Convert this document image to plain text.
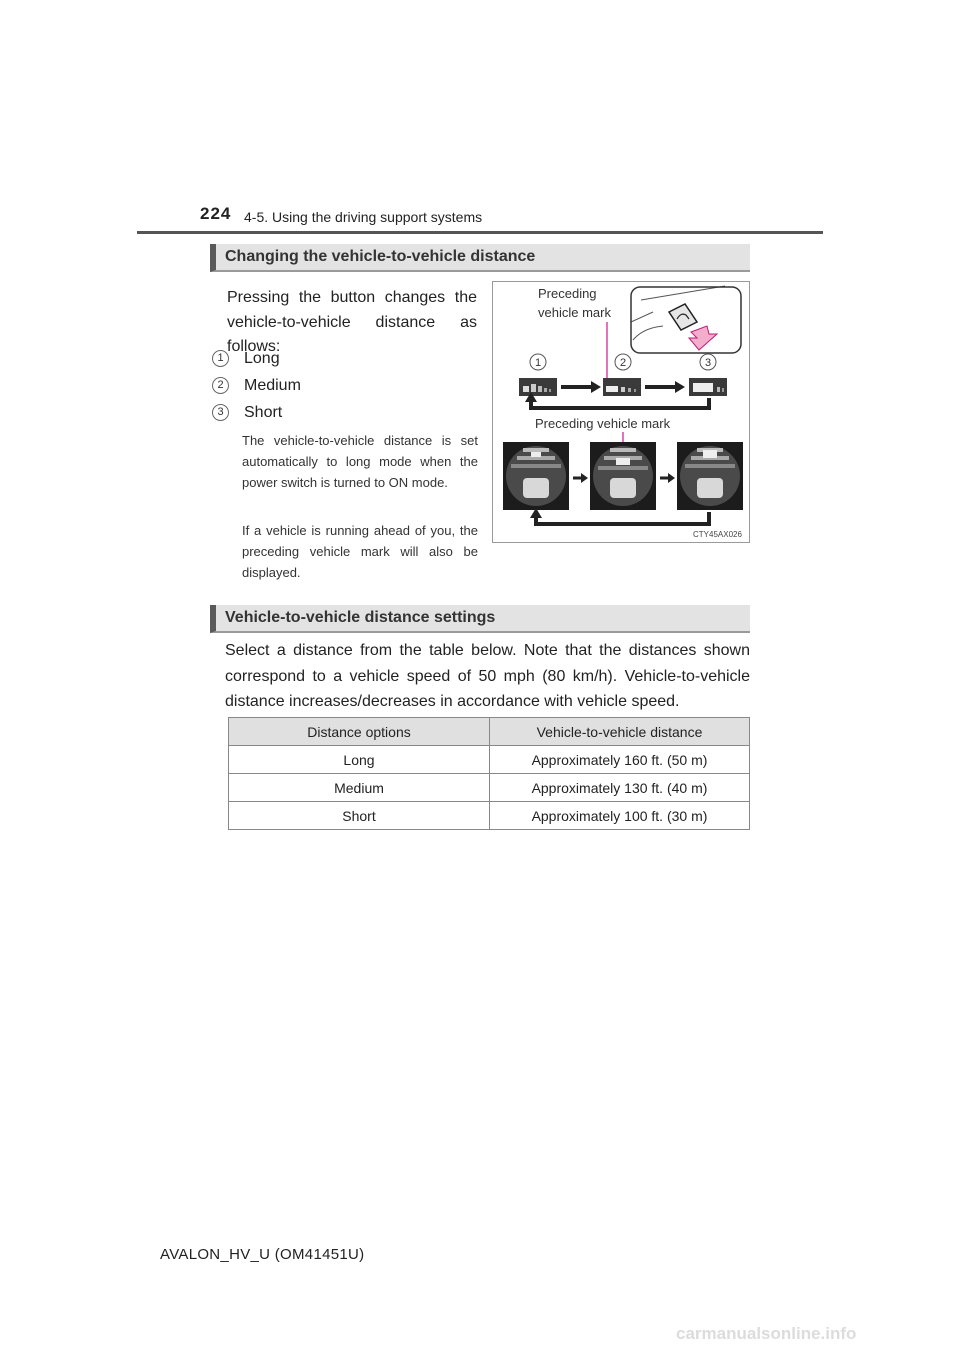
224 4-5. Using the driving support systems
Changing the vehicle-to-vehicle distance
Pressing the button changes the vehicle-to-vehicle distance as follows:
1 Long
2 Medium
3 Short
The vehicle-to-vehicle distance is set automatically to long mode when the power switch is turned to ON mode.
If a vehicle is running ahead of you, the preceding vehicle mark will also be displayed.
Preceding
vehicle mark
1	2	3
Preceding vehicle mark
CTY45AX026
Vehicle-to-vehicle distance settings
Select a distance from the table below. Note that the distances shown correspond to a vehicle speed of 50 mph (80 km/h). Vehicle-to-vehicle distance increases/decreases in accordance with vehicle speed.
Distance options	Vehicle-to-vehicle distance
Long	Approximately 160 ft. (50 m)
Medium	Approximately 130 ft. (40 m)
Short	Approximately 100 ft. (30 m)
AVALON_HV_U (OM41451U)
carmanualsonline.info
